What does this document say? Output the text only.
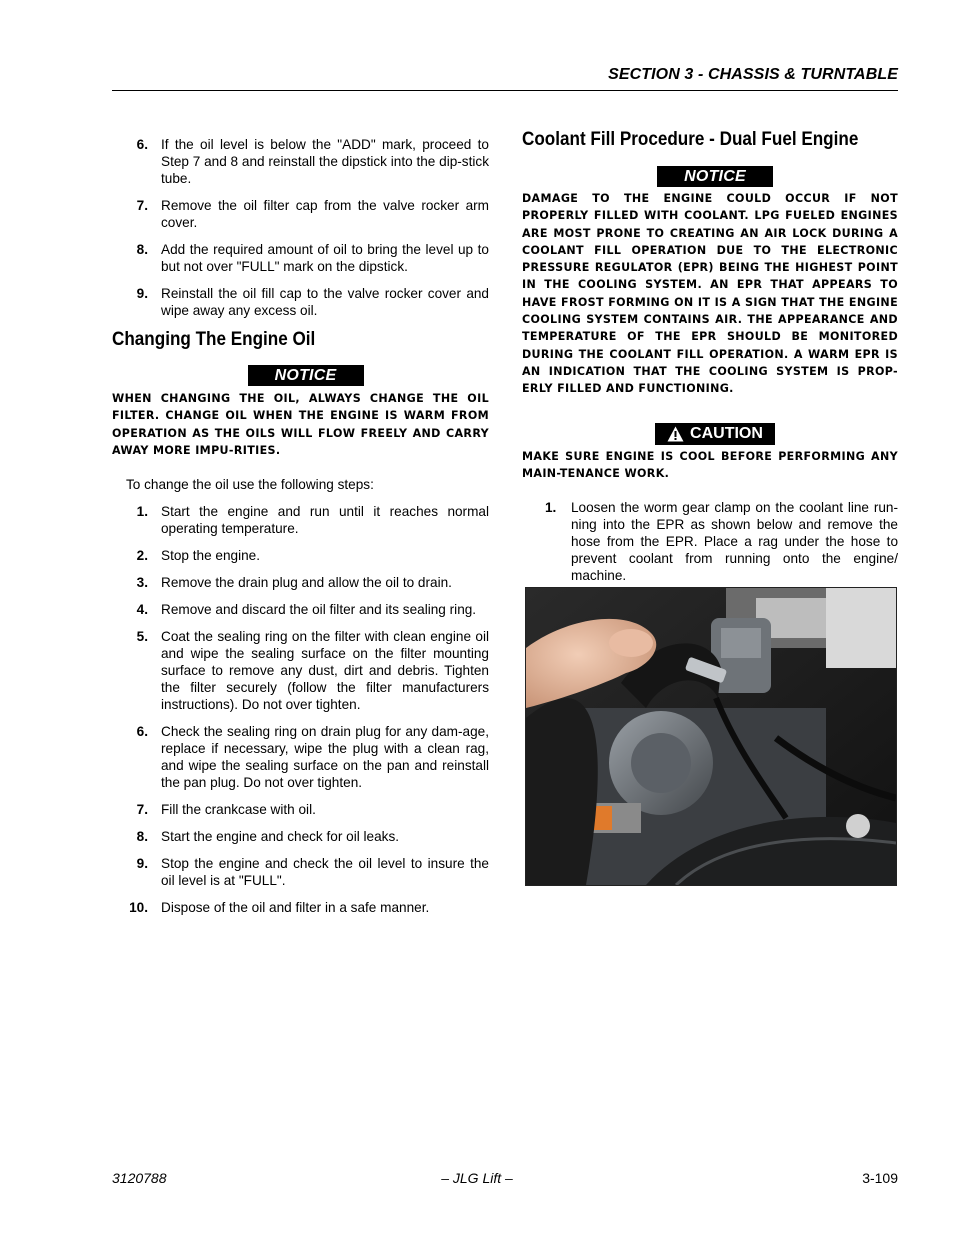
SECTION 3 - CHASSIS & TURNTABLE
6. If the oil level is below the "ADD" mark, proceed to Step 7 and 8 and reinstall the dipstick into the dip-stick tube.
7. Remove the oil filter cap from the valve rocker arm cover.
8. Add the required amount of oil to bring the level up to but not over "FULL" mark on the dipstick.
9. Reinstall the oil fill cap to the valve rocker cover and wipe away any excess oil.
Changing The Engine Oil
NOTICE

WHEN CHANGING THE OIL, ALWAYS CHANGE THE OIL FILTER. CHANGE OIL WHEN THE ENGINE IS WARM FROM OPERATION AS THE OILS WILL FLOW FREELY AND CARRY AWAY MORE IMPU-RITIES.

To change the oil use the following steps:

1. Start the engine and run until it reaches normal operating temperature.
2. Stop the engine.
3. Remove the drain plug and allow the oil to drain.
4. Remove and discard the oil filter and its sealing ring.
5. Coat the sealing ring on the filter with clean engine oil and wipe the sealing surface on the filter mounting surface to remove any dust, dirt and debris. Tighten the filter securely (follow the filter manufacturers instructions). Do not over tighten.
6. Check the sealing ring on drain plug for any dam-age, replace if necessary, wipe the plug with a clean rag, and wipe the sealing surface on the pan and reinstall the pan plug. Do not over tighten.
7. Fill the crankcase with oil.
8. Start the engine and check for oil leaks.
9. Stop the engine and check the oil level to insure the oil level is at "FULL".
10. Dispose of the oil and filter in a safe manner.
Coolant Fill Procedure - Dual Fuel Engine
NOTICE

DAMAGE TO THE ENGINE COULD OCCUR IF NOT PROPERLY FILLED WITH COOLANT. LPG FUELED ENGINES ARE MOST PRONE TO CREATING AN AIR LOCK DURING A COOLANT FILL OPERATION DUE TO THE ELECTRONIC PRESSURE REGULATOR (EPR) BEING THE HIGHEST POINT IN THE COOLING SYSTEM. AN EPR THAT APPEARS TO HAVE FROST FORMING ON IT IS A SIGN THAT THE ENGINE COOLING SYSTEM CONTAINS AIR. THE APPEARANCE AND TEMPERATURE OF THE EPR SHOULD BE MONITORED DURING THE COOLANT FILL OPERATION. A WARM EPR IS AN INDICATION THAT THE COOLING SYSTEM IS PROP-ERLY FILLED AND FUNCTIONING.

CAUTION

MAKE SURE ENGINE IS COOL BEFORE PERFORMING ANY MAIN-TENANCE WORK.

1. Loosen the worm gear clamp on the coolant line run-ning into the EPR as shown below and remove the hose from the EPR. Place a rag under the hose to prevent coolant from running onto the engine/ machine.
3120788	– JLG Lift –	3-109
